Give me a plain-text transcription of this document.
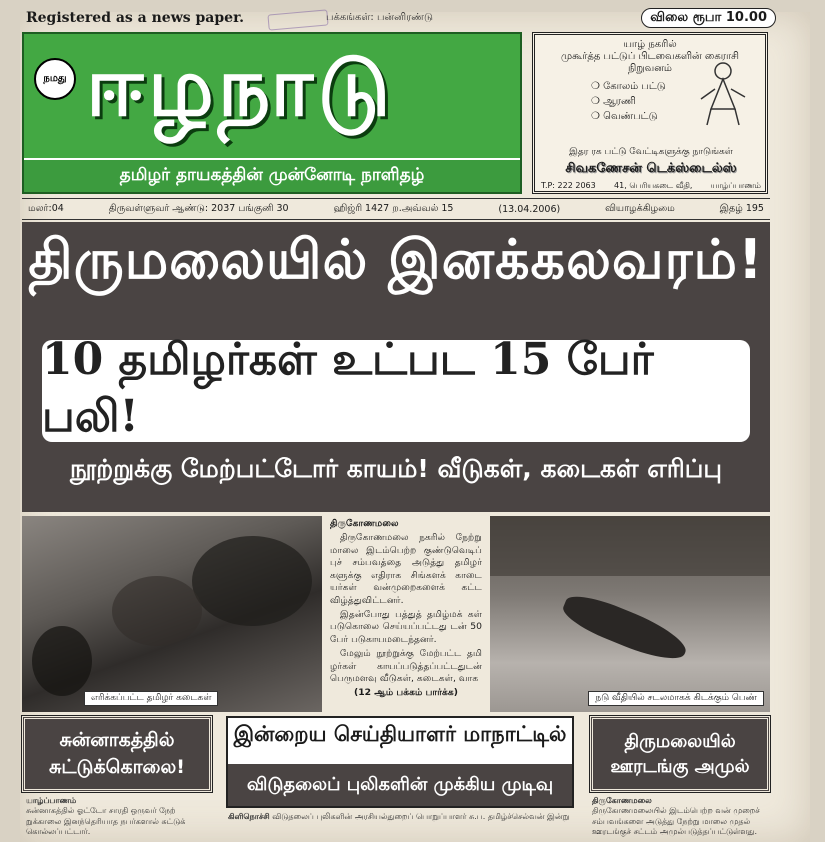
Registered as a news paper.	பக்கங்கள்: பன்னிரண்டு	விலை ரூபா 10.00
நமது ஈழநாடு
தமிழர் தாயகத்தின் முன்னோடி நாளிதழ்
யாழ் நகரில்
முகூர்த்த பட்டுப் பிடவைகளின் கைராசி நிறுவனம்
❍ கோலம் பட்டு
❍ ஆரணி
❍ வெண்பட்டு
இதர ரக பட்டு வேட்டிகளுக்கு நாடுங்கள்
சிவகணேசன் டெக்ஸ்டைல்ஸ்
T.P: 222 2063 41, பெரியகடை வீதி, யாழ்ப்பாணம்
மலர்:04	திருவள்ளுவர் ஆண்டு: 2037 பங்குனி 30	ஹிஜ்ரி 1427 ற.அவ்வல் 15	(13.04.2006)	வியாழக்கிழமை	இதழ் 195
திருமலையில் இனக்கலவரம்!
10 தமிழர்கள் உட்பட 15 பேர் பலி!
நூற்றுக்கு மேற்பட்டோர் காயம்! வீடுகள், கடைகள் எரிப்பு
எரிக்கப்பட்ட தமிழர் கடைகள்
திருகோணமலை

திருகோணமலை நகரில் நேற்று மாலை இடம்பெற்ற குண்டுவெடிப் புச் சம்பவத்தை அடுத்து தமிழர் களுக்கு எதிராக சிங்களக் காடை யர்கள் வன்முறைகளைக் கட்ட விழ்த்துவிட்டனர்.

இதன்போது பத்துத் தமிழ்மக் கள் படுகொலை செய்யப்பட்டது டன் 50 பேர் படுகாயமடைந்தனர்.

மேலும் நூற்றுக்கு மேற்பட்ட தமி ழர்கள் காயப்படுத்தப்பட்டதுடன் பெருமளவு வீடுகள், கடைகள், வாக

(12 ஆம் பக்கம் பார்க்க)	நடு வீதியில் சடலமாகக் கிடக்கும் பெண்
சுன்னாகத்தில்
சுட்டுக்கொலை!
இன்றைய செய்தியாளர் மாநாட்டில்
விடுதலைப் புலிகளின் முக்கிய முடிவு
திருமலையில்
ஊரடங்கு அமுல்
யாழ்ப்பாணம்
சுன்னாகத்தில் ஓட்டோ சாரதி ஒருவர் நேற் றுக்காலை இனந்தெரியாத நபர்களால் சுட்டுக் கொல்லப்பட்டார்.
கிளிநொச்சி விடுதலைப் புலிகளின் அரசியல்துறைப் பொறுப்பாளர் சு.ப. தமிழ்ச்செல்வன் இன்று
திருகோணமலை
திருகோணமலையில் இடம்பெற்ற வன் முறைச் சம்பவங்களை அடுத்து நேற்று மாலை முதல் ஊரடங்குச் சட்டம் அமுல்படுத்தப்பட்டுள்ளது.
